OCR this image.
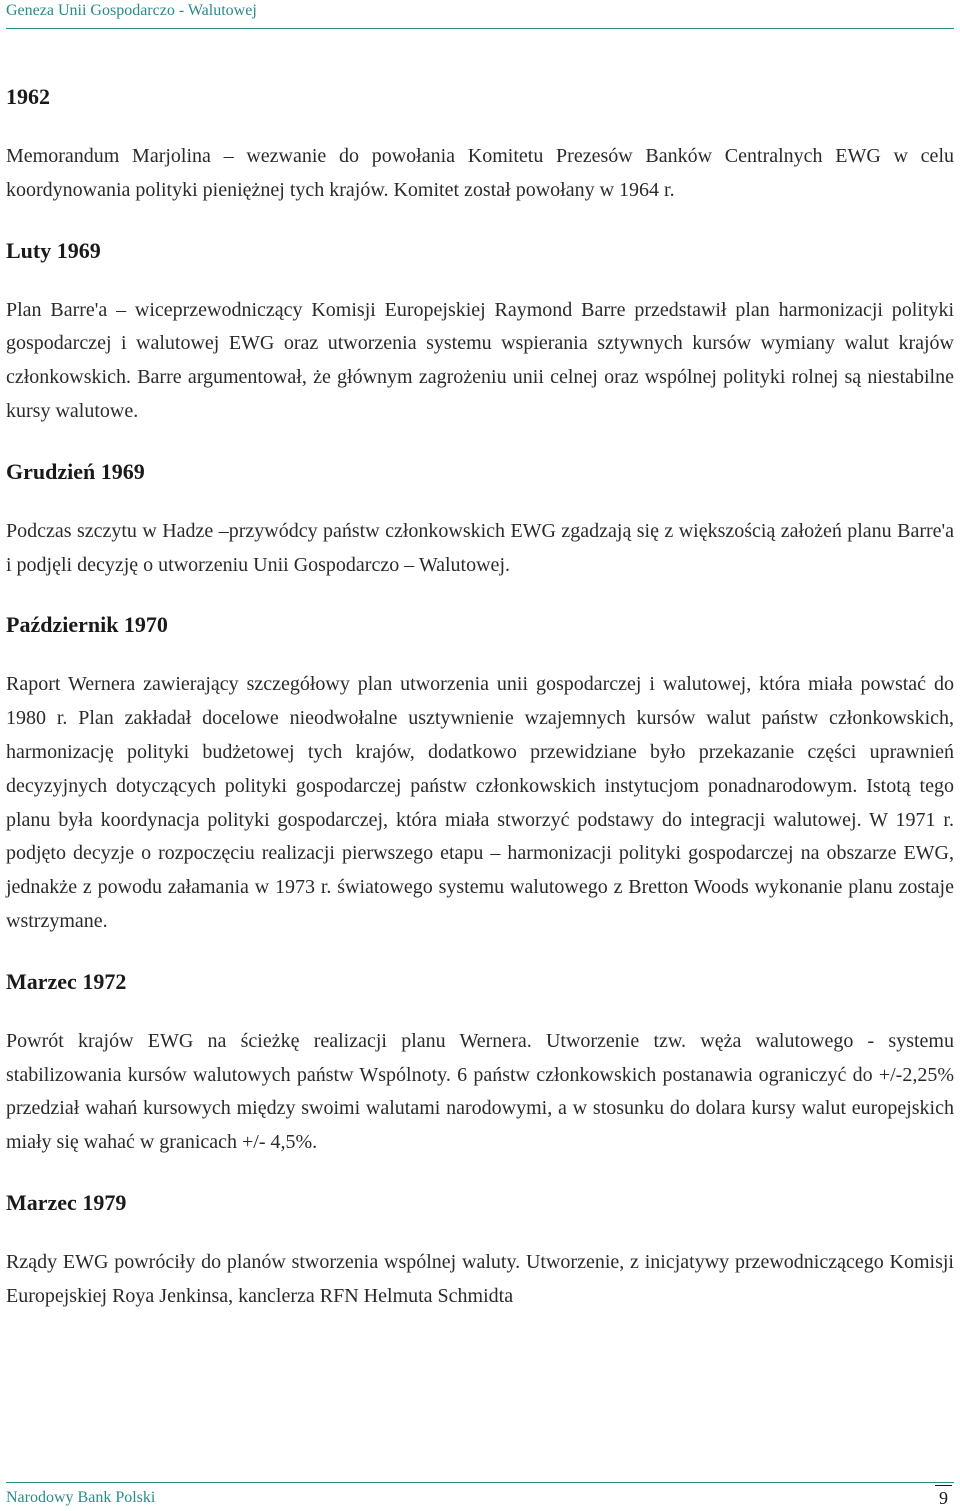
Geneza Unii Gospodarczo - Walutowej
1962

Memorandum Marjolina – wezwanie do powołania Komitetu Prezesów Banków Centralnych EWG w celu koordynowania polityki pieniężnej tych krajów. Komitet został powołany w 1964 r.

Luty 1969

Plan Barre'a – wiceprzewodniczący Komisji Europejskiej Raymond Barre przedstawił plan harmonizacji polityki gospodarczej i walutowej EWG oraz utworzenia systemu wspierania sztywnych kursów wymiany walut krajów członkowskich. Barre argumentował, że głównym zagrożeniu unii celnej oraz wspólnej polityki rolnej są niestabilne kursy walutowe.

Grudzień 1969

Podczas szczytu w Hadze –przywódcy państw członkowskich EWG zgadzają się z większością założeń planu Barre'a i podjęli decyzję o utworzeniu Unii Gospodarczo – Walutowej.

Październik 1970

Raport Wernera zawierający szczegółowy plan utworzenia unii gospodarczej i walutowej, która miała powstać do 1980 r. Plan zakładał docelowe nieodwołalne usztywnienie wzajemnych kursów walut państw członkowskich, harmonizację polityki budżetowej tych krajów, dodatkowo przewidziane było przekazanie części uprawnień decyzyjnych dotyczących polityki gospodarczej państw członkowskich instytucjom ponadnarodowym. Istotą tego planu była koordynacja polityki gospodarczej, która miała stworzyć podstawy do integracji walutowej. W 1971 r. podjęto decyzje o rozpoczęciu realizacji pierwszego etapu – harmonizacji polityki gospodarczej na obszarze EWG, jednakże z powodu załamania w 1973 r. światowego systemu walutowego z Bretton Woods wykonanie planu zostaje wstrzymane.

Marzec 1972

Powrót krajów EWG na ścieżkę realizacji planu Wernera. Utworzenie tzw. węża walutowego - systemu stabilizowania kursów walutowych państw Wspólnoty. 6 państw członkowskich postanawia ograniczyć do +/-2,25% przedział wahań kursowych między swoimi walutami narodowymi, a w stosunku do dolara kursy walut europejskich miały się wahać w granicach +/- 4,5%.

Marzec 1979

Rządy EWG powróciły do planów stworzenia wspólnej waluty. Utworzenie, z inicjatywy przewodniczącego Komisji Europejskiej Roya Jenkinsa, kanclerza RFN Helmuta Schmidta

Narodowy Bank Polski	9
